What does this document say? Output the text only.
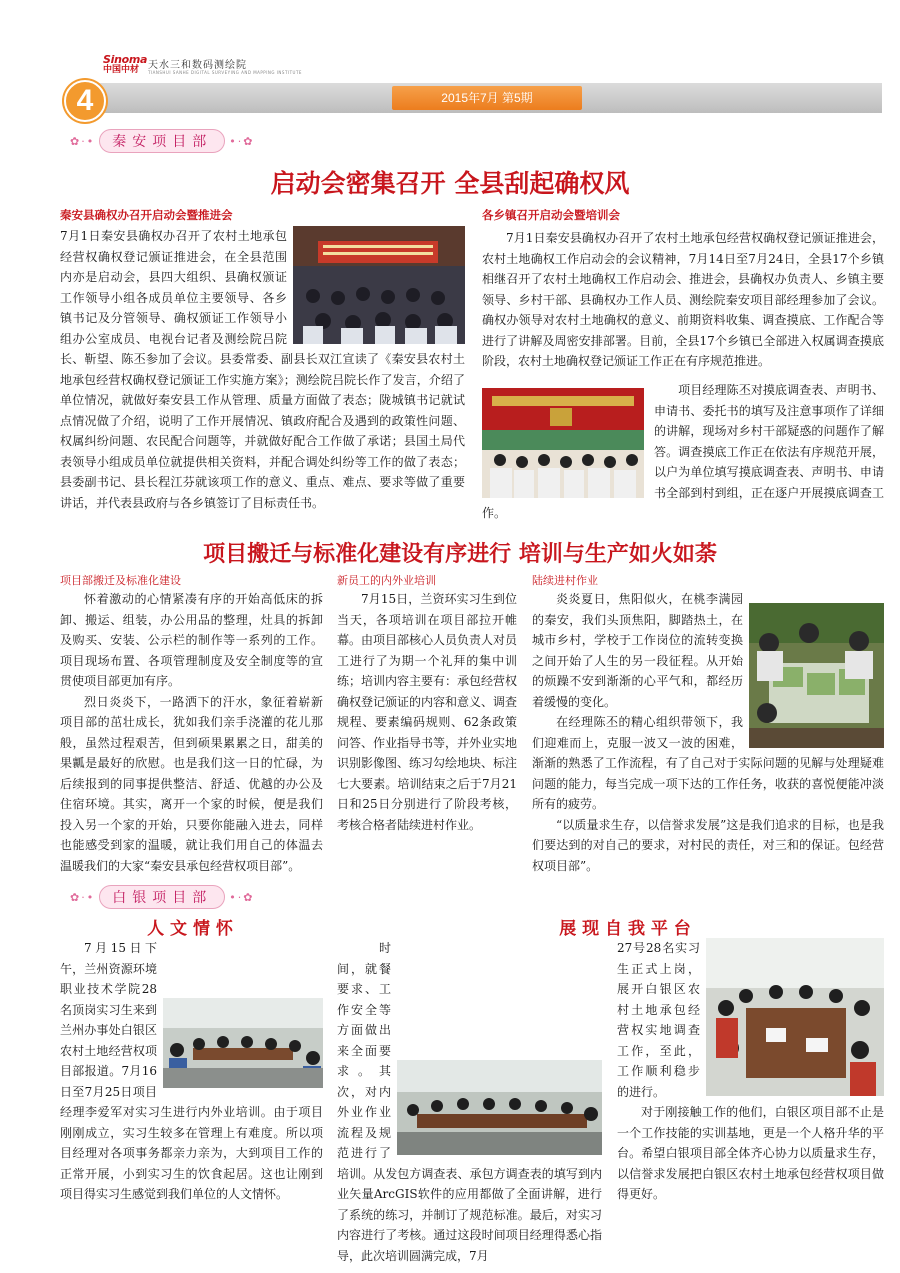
Sinoma
中国中材 天水三和数码测绘院
TIANSHUI SANHE DIGITAL SURVEYING AND MAPPING INSTITUTE
2015年7月 第5期
4
✿·•	秦安项目部	•·✿
启动会密集召开 全县刮起确权风
秦安县确权办召开启动会暨推进会
7月1日秦安县确权办召开了农村土地承包经营权确权登记颁证推进会，在全县范围内亦是启动会，县四大组织、县确权颁证工作领导小组各成员单位主要领导、各乡镇书记及分管领导、确权颁证工作领导小组办公室成员、电视台记者及测绘院吕院长、靳望、陈丕参加了会议。县委常委、副县长双江宣读了《秦安县农村土地承包经营权确权登记颁证工作实施方案》；测绘院吕院长作了发言，介绍了单位情况，就做好秦安县工作从管理、质量方面做了表态；陇城镇书记就试点情况做了介绍，说明了工作开展情况、镇政府配合及遇到的政策性问题、权属纠纷问题、农民配合问题等，并就做好配合工作做了承诺；县国土局代表领导小组成员单位就提供相关资料，并配合调处纠纷等工作的做了表态；县委副书记、县长程江芬就该项工作的意义、重点、难点、要求等做了重要讲话，并代表县政府与各乡镇签订了目标责任书。
各乡镇召开启动会暨培训会
7月1日秦安县确权办召开了农村土地承包经营权确权登记颁证推进会，农村土地确权工作启动会的会议精神，7月14日至7月24日，全县17个乡镇相继召开了农村土地确权工作启动会、推进会，县确权办负责人、乡镇主要领导、乡村干部、县确权办工作人员、测绘院秦安项目部经理参加了会议。确权办领导对农村土地确权的意义、前期资料收集、调查摸底、工作配合等进行了讲解及周密安排部署。目前，全县17个乡镇已全部进入权属调查摸底阶段，农村土地确权登记颁证工作正在有序规范推进。
项目经理陈丕对摸底调查表、声明书、申请书、委托书的填写及注意事项作了详细的讲解，现场对乡村干部疑惑的问题作了解答。调查摸底工作正在依法有序规范开展，以户为单位填写摸底调查表、声明书、申请书全部到村到组，正在逐户开展摸底调查工作。
项目搬迁与标准化建设有序进行 培训与生产如火如荼
项目部搬迁及标准化建设
怀着激动的心情紧凑有序的开始高低床的拆卸、搬运、组装，办公用品的整理，灶具的拆卸及购买、安装、公示栏的制作等一系列的工作。项目现场布置、各项管理制度及安全制度等的宣贯使项目部更加有序。
烈日炎炎下，一路洒下的汗水，象征着崭新项目部的茁壮成长，犹如我们亲手浇灌的花儿那般，虽然过程艰苦，但到硕果累累之日，甜美的果瓤是最好的欣慰。也是我们这一日的忙碌，为后续报到的同事提供整洁、舒适、优越的办公及住宿环境。其实，离开一个家的时候，便是我们投入另一个家的开始，只要你能融入进去，同样也能感受到家的温暖，就让我们用自己的体温去温暖我们的大家“秦安县承包经营权项目部”。
新员工的内外业培训
7月15日，兰资环实习生到位当天，各项培训在项目部拉开帷幕。由项目部核心人员负责人对员工进行了为期一个礼拜的集中训练；培训内容主要有：承包经营权确权登记颁证的内容和意义、调查规程、要素编码规则、62条政策问答、作业指导书等，并外业实地识别影像图、练习勾绘地块、标注七大要素。培训结束之后于7月21日和25日分别进行了阶段考核，考核合格者陆续进村作业。
陆续进村作业
炎炎夏日，焦阳似火，在桃李满园的秦安，我们头顶焦阳，脚踏热土，在城市乡村，学校于工作岗位的流转变换之间开始了人生的另一段征程。从开始的烦躁不安到渐渐的心平气和，都经历着缓慢的变化。
在经理陈丕的精心组织带领下，我们迎难而上，克服一波又一波的困难，渐渐的熟悉了工作流程，有了自己对于实际问题的见解与处理疑难问题的能力，每当完成一项下达的工作任务，收获的喜悦便能冲淡所有的疲劳。
“以质量求生存，以信誉求发展”这是我们追求的目标，也是我们要达到的对自己的要求，对村民的责任，对三和的保证。包经营权项目部”。
✿·•	白银项目部	•·✿
人 文 情 怀	展 现 自 我 平 台
7月15日下午，兰州资源环境职业技术学院28名顶岗实习生来到兰州办事处白银区农村土地经营权项目部报道。7月16日至7月25日项目经理李爱军对实习生进行内外业培训。由于项目刚刚成立，实习生较多在管理上有难度。所以项目经理对各项事务都亲力亲为，大到项目工作的正常开展，小到实习生的饮食起居。这也让刚到项目得实习生感觉到我们单位的人文情怀。
时间，就餐要求、工作安全等方面做出来全面要求。其次，对内外业作业流程及规范进行了培训。从发包方调查表、承包方调查表的填写到内业矢量ArcGIS软件的应用都做了全面讲解，进行了系统的练习，并制订了规范标准。最后，对实习内容进行了考核。通过这段时间项目经理得悉心指导，此次培训圆满完成，7月
27号28名实习生正式上岗，展开白银区农村土地承包经营权实地调查工作，至此，工作顺利稳步的进行。
对于刚接触工作的他们，白银区项目部不止是一个工作技能的实训基地，更是一个人格升华的平台。希望白银项目部全体齐心协力以质量求生存，以信誉求发展把白银区农村土地承包经营权项目做得更好。
